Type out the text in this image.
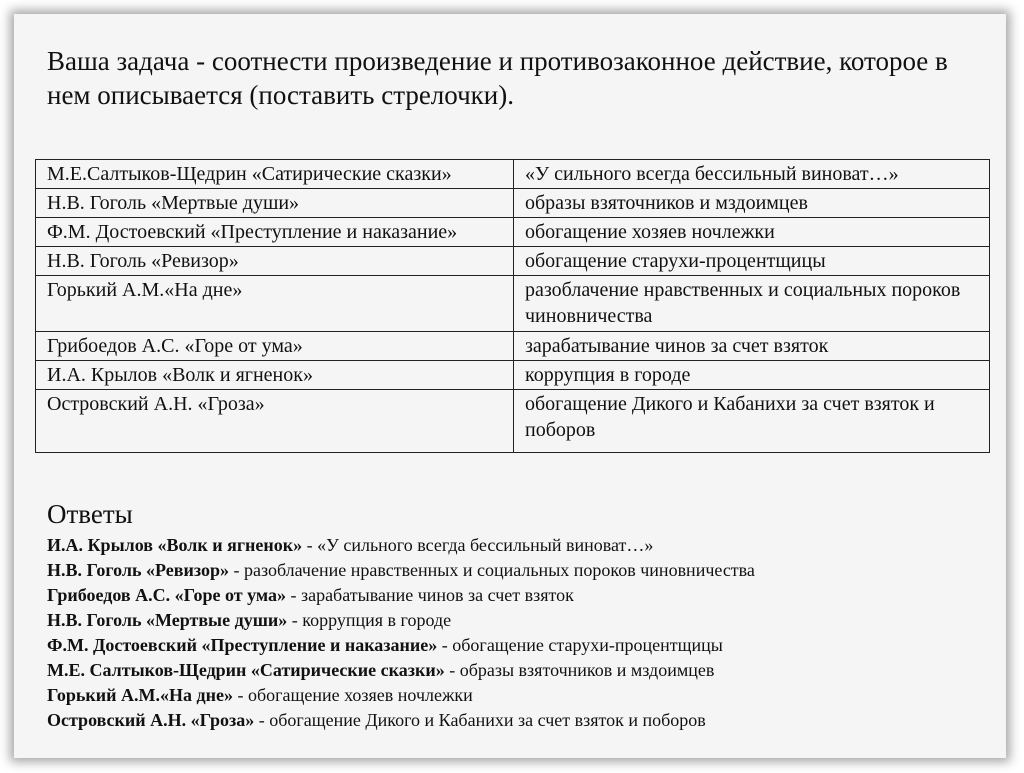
Ваша задача - соотнести произведение и противозаконное действие, которое в нем описывается (поставить стрелочки).
М.Е.Салтыков-Щедрин «Сатирические сказки»	«У сильного всегда бессильный виноват…»
Н.В. Гоголь «Мертвые души»	образы взяточников и мздоимцев
Ф.М. Достоевский «Преступление и наказание»	обогащение хозяев ночлежки
Н.В. Гоголь «Ревизор»	обогащение старухи-процентщицы
Горький А.М.«На дне»	разоблачение нравственных и социальных пороков чиновничества
Грибоедов А.С. «Горе от ума»	зарабатывание чинов за счет взяток
И.А. Крылов «Волк и ягненок»	коррупция в городе
Островский А.Н. «Гроза»	обогащение Дикого и Кабанихи за счет взяток и поборов
Ответы
И.А. Крылов «Волк и ягненок» - «У сильного всегда бессильный виноват…»
Н.В. Гоголь «Ревизор» - разоблачение нравственных и социальных пороков чиновничества
Грибоедов А.С. «Горе от ума» - зарабатывание чинов за счет взяток
Н.В. Гоголь «Мертвые души» - коррупция в городе
Ф.М. Достоевский «Преступление и наказание» - обогащение старухи-процентщицы
М.Е. Салтыков-Щедрин «Сатирические сказки» - образы взяточников и мздоимцев
Горький А.М.«На дне» - обогащение хозяев ночлежки
Островский А.Н. «Гроза» - обогащение Дикого и Кабанихи за счет взяток и поборов
